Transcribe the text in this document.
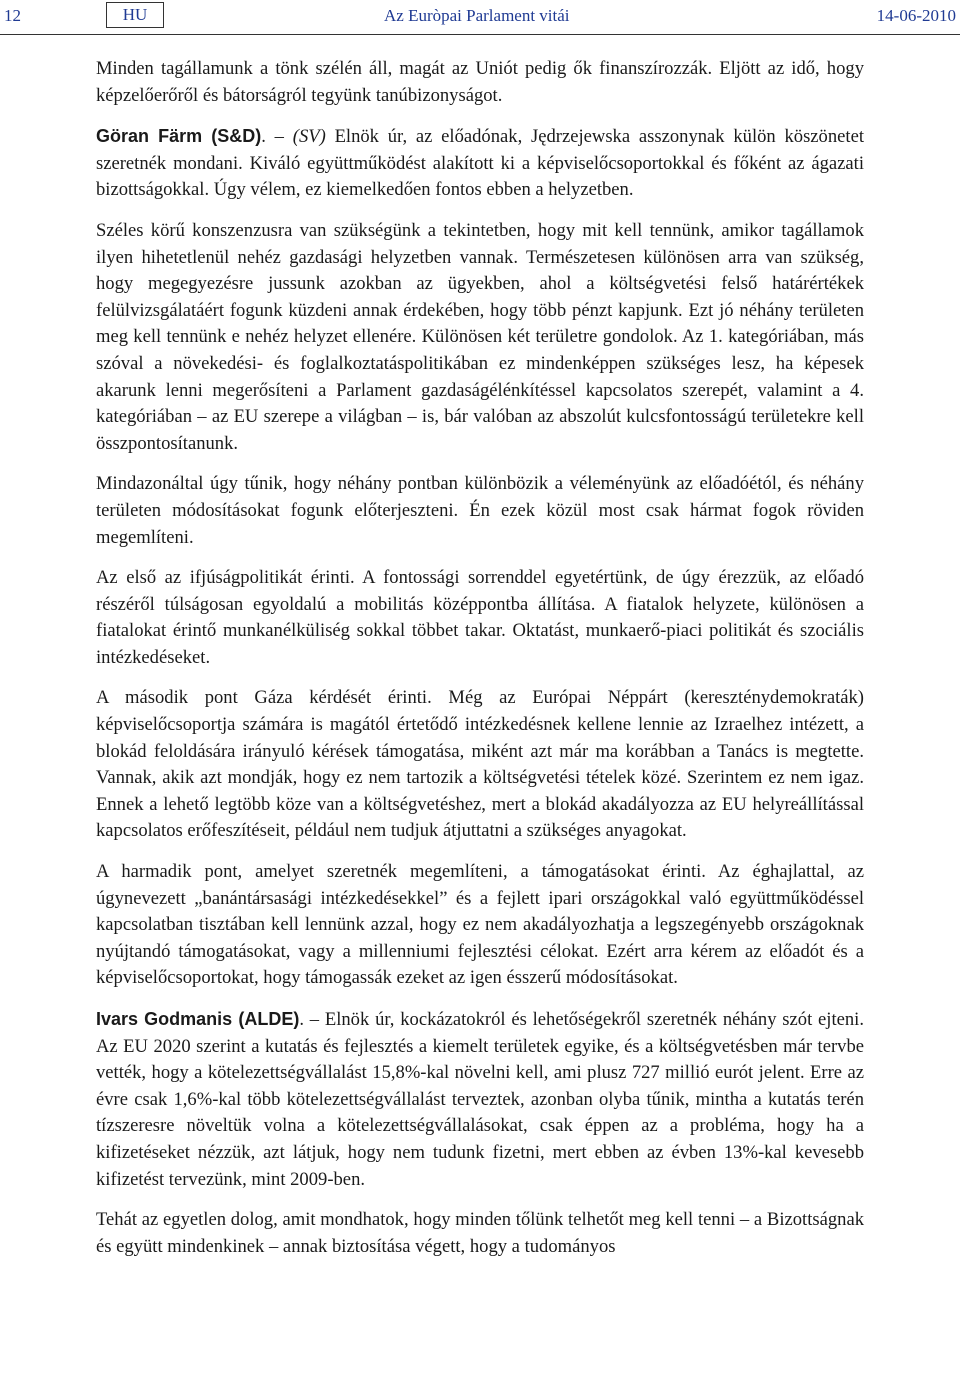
12	HU	Az Euròpai Parlament vitái	14-06-2010

Minden tagállamunk a tönk szélén áll, magát az Uniót pedig ők finanszírozzák. Eljött az idő, hogy képzelőerőről és bátorságról tegyünk tanúbizonyságot.

Göran Färm (S&D). – (SV) Elnök úr, az előadónak, Jędrzejewska asszonynak külön köszönetet szeretnék mondani. Kiváló együttműködést alakított ki a képviselőcsoportokkal és főként az ágazati bizottságokkal. Úgy vélem, ez kiemelkedően fontos ebben a helyzetben.

Széles körű konszenzusra van szükségünk a tekintetben, hogy mit kell tennünk, amikor tagállamok ilyen hihetetlenül nehéz gazdasági helyzetben vannak. Természetesen különösen arra van szükség, hogy megegyezésre jussunk azokban az ügyekben, ahol a költségvetési felső határértékek felülvizsgálatáért fogunk küzdeni annak érdekében, hogy több pénzt kapjunk. Ezt jó néhány területen meg kell tennünk e nehéz helyzet ellenére. Különösen két területre gondolok. Az 1. kategóriában, más szóval a növekedési- és foglalkoztatáspolitikában ez mindenképpen szükséges lesz, ha képesek akarunk lenni megerősíteni a Parlament gazdaságélénkítéssel kapcsolatos szerepét, valamint a 4. kategóriában – az EU szerepe a világban – is, bár valóban az abszolút kulcsfontosságú területekre kell összpontosítanunk.

Mindazonáltal úgy tűnik, hogy néhány pontban különbözik a véleményünk az előadóétól, és néhány területen módosításokat fogunk előterjeszteni. Én ezek közül most csak hármat fogok röviden megemlíteni.

Az első az ifjúságpolitikát érinti. A fontossági sorrenddel egyetértünk, de úgy érezzük, az előadó részéről túlságosan egyoldalú a mobilitás középpontba állítása. A fiatalok helyzete, különösen a fiatalokat érintő munkanélküliség sokkal többet takar. Oktatást, munkaerő-piaci politikát és szociális intézkedéseket.

A második pont Gáza kérdését érinti. Még az Európai Néppárt (kereszténydemokraták) képviselőcsoportja számára is magától értetődő intézkedésnek kellene lennie az Izraelhez intézett, a blokád feloldására irányuló kérések támogatása, miként azt már ma korábban a Tanács is megtette. Vannak, akik azt mondják, hogy ez nem tartozik a költségvetési tételek közé. Szerintem ez nem igaz. Ennek a lehető legtöbb köze van a költségvetéshez, mert a blokád akadályozza az EU helyreállítással kapcsolatos erőfeszítéseit, például nem tudjuk átjuttatni a szükséges anyagokat.

A harmadik pont, amelyet szeretnék megemlíteni, a támogatásokat érinti. Az éghajlattal, az úgynevezett „banántársasági intézkedésekkel” és a fejlett ipari országokkal való együttműködéssel kapcsolatban tisztában kell lennünk azzal, hogy ez nem akadályozhatja a legszegényebb országoknak nyújtandó támogatásokat, vagy a millenniumi fejlesztési célokat. Ezért arra kérem az előadót és a képviselőcsoportokat, hogy támogassák ezeket az igen ésszerű módosításokat.

Ivars Godmanis (ALDE). – Elnök úr, kockázatokról és lehetőségekről szeretnék néhány szót ejteni. Az EU 2020 szerint a kutatás és fejlesztés a kiemelt területek egyike, és a költségvetésben már tervbe vették, hogy a kötelezettségvállalást 15,8%-kal növelni kell, ami plusz 727 millió eurót jelent. Erre az évre csak 1,6%-kal több kötelezettségvállalást terveztek, azonban olyba tűnik, mintha a kutatás terén tízszeresre növeltük volna a kötelezettségvállalásokat, csak éppen az a probléma, hogy ha a kifizetéseket nézzük, azt látjuk, hogy nem tudunk fizetni, mert ebben az évben 13%-kal kevesebb kifizetést tervezünk, mint 2009-ben.

Tehát az egyetlen dolog, amit mondhatok, hogy minden tőlünk telhetőt meg kell tenni – a Bizottságnak és együtt mindenkinek – annak biztosítása végett, hogy a tudományos
